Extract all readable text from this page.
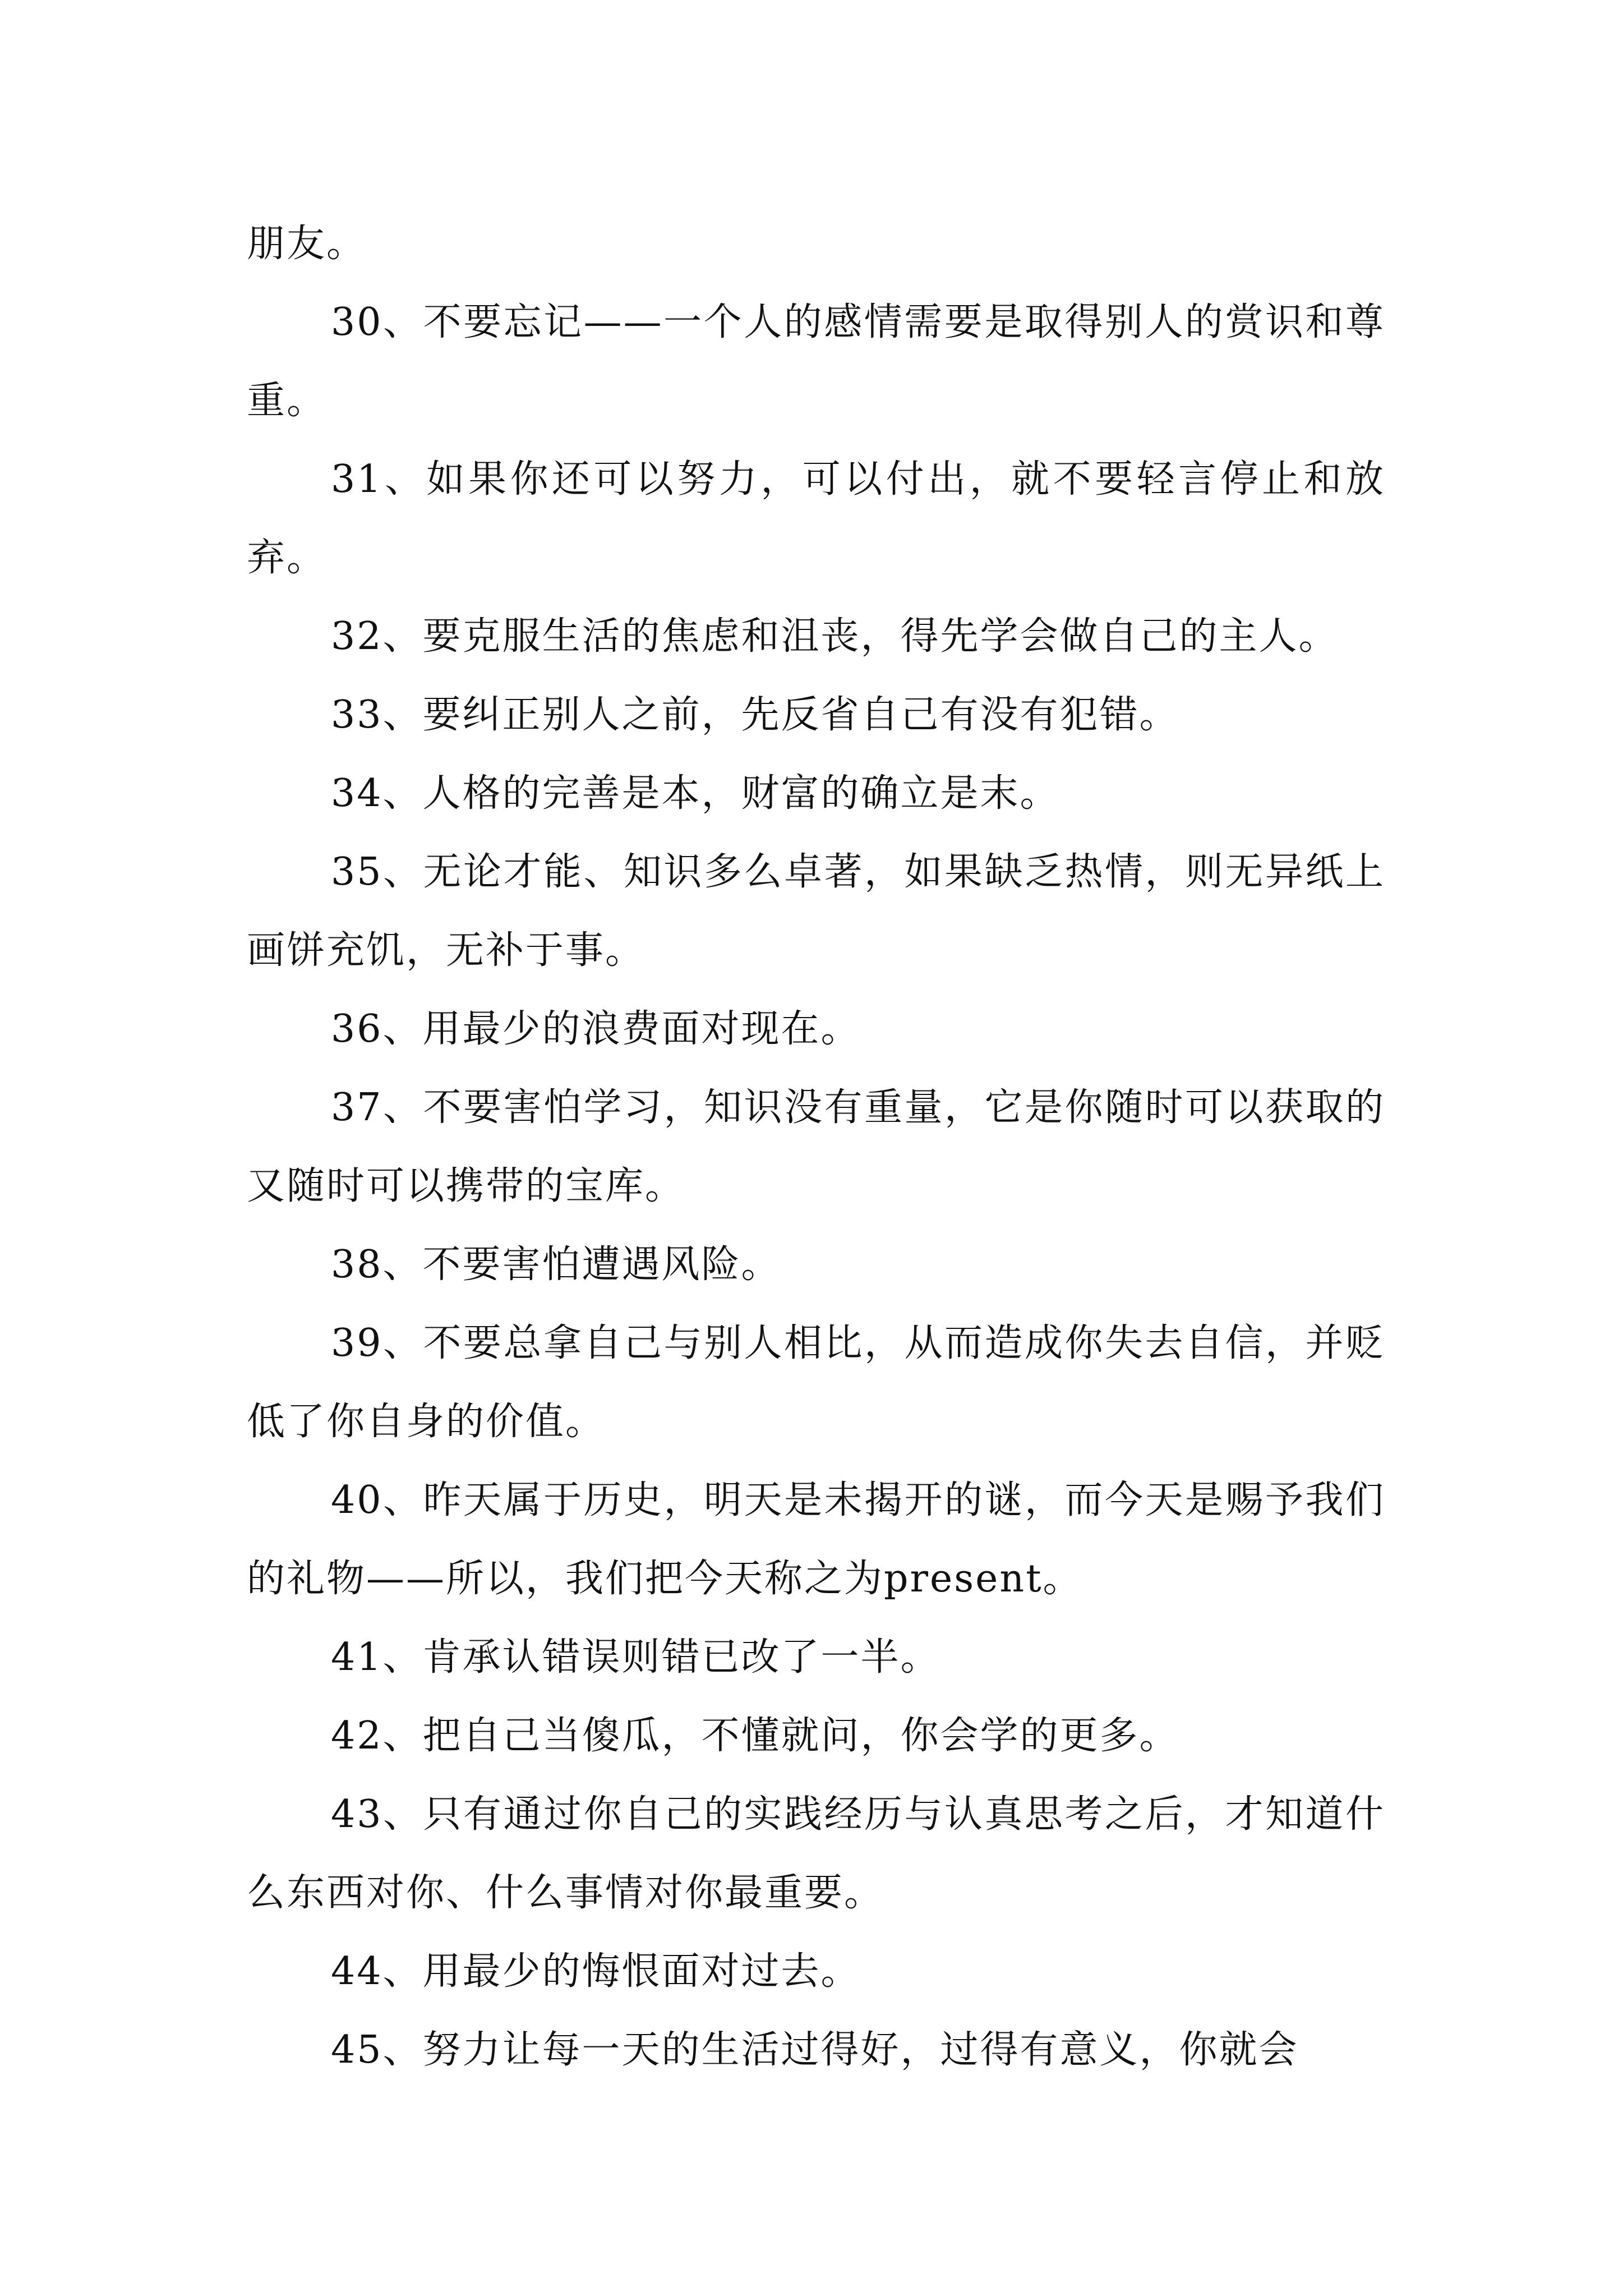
朋友。

30、不要忘记——一个人的感情需要是取得别人的赏识和尊重。

31、如果你还可以努力，可以付出，就不要轻言停止和放弃。

32、要克服生活的焦虑和沮丧，得先学会做自己的主人。

33、要纠正别人之前，先反省自己有没有犯错。

34、人格的完善是本，财富的确立是末。

35、无论才能、知识多么卓著，如果缺乏热情，则无异纸上画饼充饥，无补于事。

36、用最少的浪费面对现在。

37、不要害怕学习，知识没有重量，它是你随时可以获取的又随时可以携带的宝库。

38、不要害怕遭遇风险。

39、不要总拿自己与别人相比，从而造成你失去自信，并贬低了你自身的价值。

40、昨天属于历史，明天是未揭开的谜，而今天是赐予我们的礼物——所以，我们把今天称之为present。

41、肯承认错误则错已改了一半。

42、把自己当傻瓜，不懂就问，你会学的更多。

43、只有通过你自己的实践经历与认真思考之后，才知道什么东西对你、什么事情对你最重要。

44、用最少的悔恨面对过去。

45、努力让每一天的生活过得好，过得有意义，你就会
